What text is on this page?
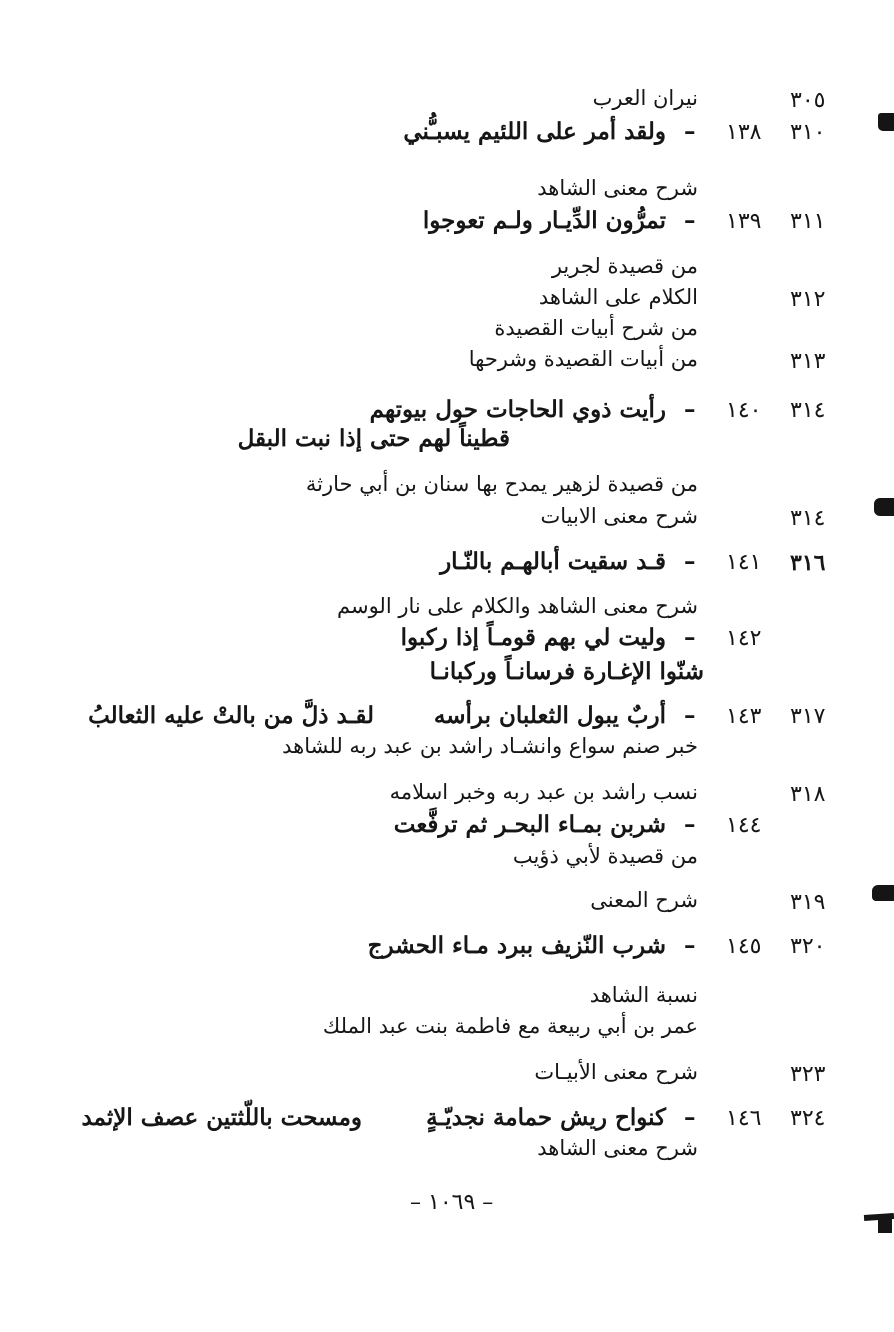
٣٠٥
نيران العرب
٣١٠
١٣٨
–
ولقد أمر على اللئيم يسبـُّني
شرح معنى الشاهد
٣١١
١٣٩
–
تمرُّون الدِّيـار ولـم تعوجوا
من قصيدة لجرير
٣١٢
الكلام على الشاهد
من شرح أبيات القصيدة
٣١٣
من أبيات القصيدة وشرحها
٣١٤
١٤٠
–
رأيت ذوي الحاجات حول بيوتهم
قطيناً لهم حتى إذا نبت البقل
من قصيدة لزهير يمدح بها سنان بن أبي حارثة
٣١٤
شرح معنى الابيات
٣١٦
١٤١
–
قـد سقيت أبالهـم بالنّـار
شرح معنى الشاهد والكلام على نار الوسم
١٤٢
–
وليت لي بهم قومـاً إذا ركبوا
شنّوا الإغـارة فرسانـاً وركبانـا
٣١٧
١٤٣
–
أربٌ يبول الثعلبان برأسه
لقـد ذلَّ من بالتْ عليه الثعالبُ
خبر صنم سواع وانشـاد راشد بن عبد ربه للشاهد
٣١٨
نسب راشد بن عبد ربه وخبر اسلامه
١٤٤
–
شربن بمـاء البحـر ثم ترفَّعت
من قصيدة لأبي ذؤيب
٣١٩
شرح المعنى
٣٢٠
١٤٥
–
شرب النّزيف ببرد مـاء الحشرج
نسبة الشاهد
عمر بن أبي ربيعة مع فاطمة بنت عبد الملك
٣٢٣
شرح معنى الأبيـات
٣٢٤
١٤٦
–
كنواح ريش حمامة نجديّـةٍ
ومسحت باللّثتين عصف الإثمد
شرح معنى الشاهد
– ١٠٦٩ –
